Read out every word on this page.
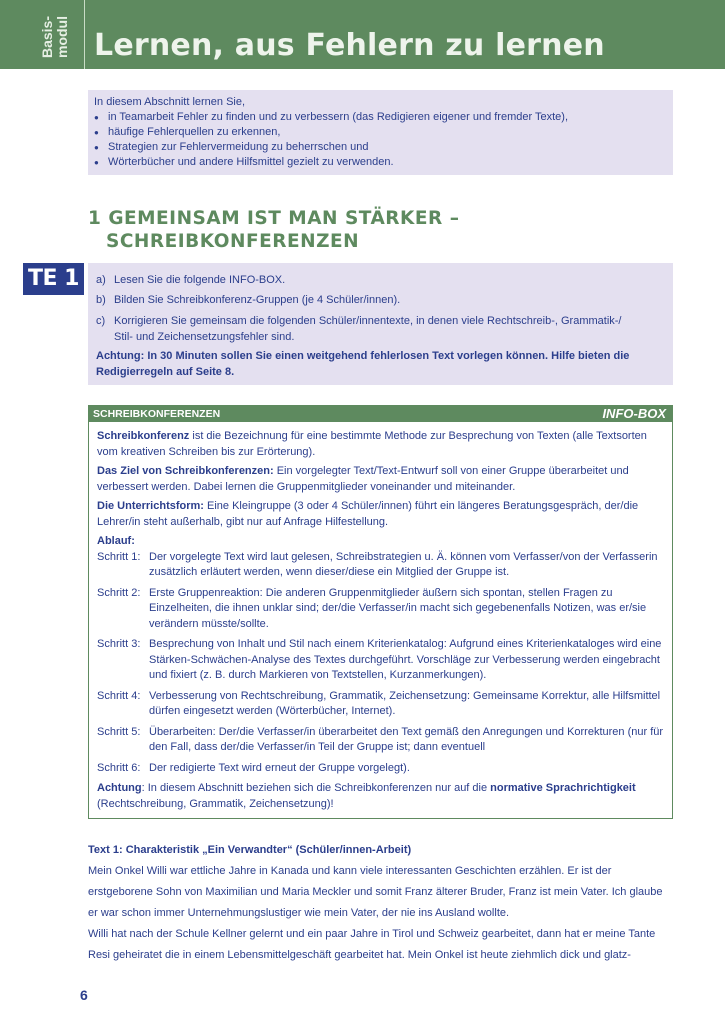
Basis-
modul Lernen, aus Fehlern zu lernen
In diesem Abschnitt lernen Sie,
● in Teamarbeit Fehler zu finden und zu verbessern (das Redigieren eigener und fremder Texte),
● häufige Fehlerquellen zu erkennen,
● Strategien zur Fehlervermeidung zu beherrschen und
● Wörterbücher und andere Hilfsmittel gezielt zu verwenden.
1 GEMEINSAM IST MAN STÄRKER –
SCHREIBKONFERENZEN
TE 1	a) Lesen Sie die folgende INFO-BOX.
b) Bilden Sie Schreibkonferenz-Gruppen (je 4 Schüler/innen).
c) Korrigieren Sie gemeinsam die folgenden Schüler/innentexte, in denen viele Rechtschreib-, Grammatik-/
Stil- und Zeichensetzungsfehler sind.
Achtung: In 30 Minuten sollen Sie einen weitgehend fehlerlosen Text vorlegen können. Hilfe bieten die Redigierregeln auf Seite 8.
SCHREIBKONFERENZEN	INFO-BOX

Schreibkonferenz ist die Bezeichnung für eine bestimmte Methode zur Besprechung von Texten (alle Textsorten vom kreativen Schreiben bis zur Erörterung).

Das Ziel von Schreibkonferenzen: Ein vorgelegter Text/Text-Entwurf soll von einer Gruppe überarbeitet und verbessert werden. Dabei lernen die Gruppenmitglieder voneinander und miteinander.

Die Unterrichtsform: Eine Kleingruppe (3 oder 4 Schüler/innen) führt ein längeres Beratungsgespräch, der/die Lehrer/in steht außerhalb, gibt nur auf Anfrage Hilfestellung.

Ablauf:

Schritt 1: Der vorgelegte Text wird laut gelesen, Schreibstrategien u. Ä. können vom Verfasser/von der Verfasserin zusätzlich erläutert werden, wenn dieser/diese ein Mitglied der Gruppe ist.
Schritt 2: Erste Gruppenreaktion: Die anderen Gruppenmitglieder äußern sich spontan, stellen Fragen zu Einzelheiten, die ihnen unklar sind; der/die Verfasser/in macht sich gegebenenfalls Notizen, was er/sie verändern müsste/sollte.
Schritt 3: Besprechung von Inhalt und Stil nach einem Kriterienkatalog: Aufgrund eines Kriterienkataloges wird eine Stärken-Schwächen-Analyse des Textes durchgeführt. Vorschläge zur Verbesserung werden eingebracht und fixiert (z. B. durch Markieren von Textstellen, Kurzanmerkungen).
Schritt 4: Verbesserung von Rechtschreibung, Grammatik, Zeichensetzung: Gemeinsame Korrektur, alle Hilfsmittel dürfen eingesetzt werden (Wörterbücher, Internet).
Schritt 5: Überarbeiten: Der/die Verfasser/in überarbeitet den Text gemäß den Anregungen und Korrekturen (nur für den Fall, dass der/die Verfasser/in Teil der Gruppe ist; dann eventuell
Schritt 6: Der redigierte Text wird erneut der Gruppe vorgelegt).

Achtung: In diesem Abschnitt beziehen sich die Schreibkonferenzen nur auf die normative Sprachrichtigkeit (Rechtschreibung, Grammatik, Zeichensetzung)!

Text 1: Charakteristik „Ein Verwandter“ (Schüler/innen-Arbeit)
Mein Onkel Willi war ettliche Jahre in Kanada und kann viele interessanten Geschichten erzählen. Er ist der erstgeborene Sohn von Maximilian und Maria Meckler und somit Franz älterer Bruder, Franz ist mein Vater. Ich glaube er war schon immer Unternehmungslustiger wie mein Vater, der nie ins Ausland wollte.
Willi hat nach der Schule Kellner gelernt und ein paar Jahre in Tirol und Schweiz gearbeitet, dann hat er meine Tante Resi geheiratet die in einem Lebensmittelgeschäft gearbeitet hat. Mein Onkel ist heute ziehmlich dick und glatz-
6
